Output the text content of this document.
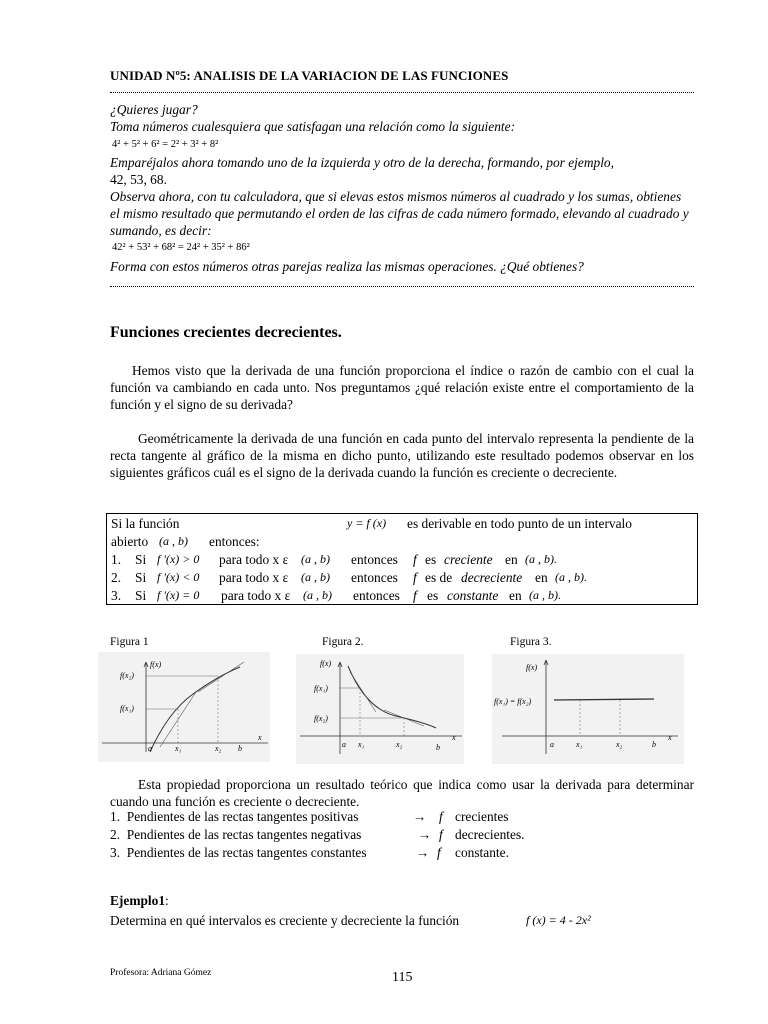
UNIDAD Nº5: ANALISIS DE LA VARIACION DE LAS FUNCIONES
¿Quieres jugar?
Toma números cualesquiera que satisfagan una relación como la siguiente:
4² + 5² + 6² = 2² + 3² + 8²
Emparéjalos ahora tomando uno de la izquierda y otro de la derecha, formando, por ejemplo,
42, 53, 68.
Observa ahora, con tu calculadora, que si elevas estos mismos números al cuadrado y los sumas, obtienes el mismo resultado que permutando el orden de las cifras de cada número formado, elevando al cuadrado y sumando, es decir:
42² + 53² + 68² = 24² + 35² + 86²
Forma con estos números otras parejas realiza las mismas operaciones. ¿Qué obtienes?
Funciones crecientes decrecientes.
Hemos visto que la derivada de una función proporciona el índice o razón de cambio con el cual la función va cambiando en cada unto. Nos preguntamos ¿qué relación existe entre el comportamiento de la función y el signo de su derivada?
Geométricamente la derivada de una función en cada punto del intervalo representa la pendiente de la recta tangente al gráfico de la misma en dicho punto, utilizando este resultado podemos observar en los siguientes gráficos cuál es el signo de la derivada cuando la función es creciente o decreciente.
Esta propiedad proporciona un resultado teórico que indica como usar la derivada para determinar cuando una función es creciente o decreciente.
1. Pendientes de las rectas tangentes positivas	→ f crecientes
2. Pendientes de las rectas tangentes negativas	→ f decrecientes.
3. Pendientes de las rectas tangentes constantes	→ f constante.
Ejemplo1:
Determina en qué intervalos es creciente y decreciente la función	f (x) = 4 - 2x²
Si la función	y = f (x) es derivable en todo punto de un intervalo
abierto (a , b) entonces:
1. Si f '(x) > 0 para todo x ε (a , b) entonces f es creciente en (a , b).
2. Si f '(x) < 0 para todo x ε (a , b) entonces f es de decreciente en (a , b).
3. Si f '(x) = 0 para todo x ε (a , b) entonces f es constante en (a , b).
Figura 1	Figura 2.	Figura 3.
f(x)
f(x₂)
f(x₁)
a	x₁	x₂ b
x
f(x)
f(x₁)
f(x₂)
a x₁	x₂	b
x
f(x)
f(x₁) = f(x₂)
a	x₁	x₂	b
x
Profesora: Adriana Gómez	115
